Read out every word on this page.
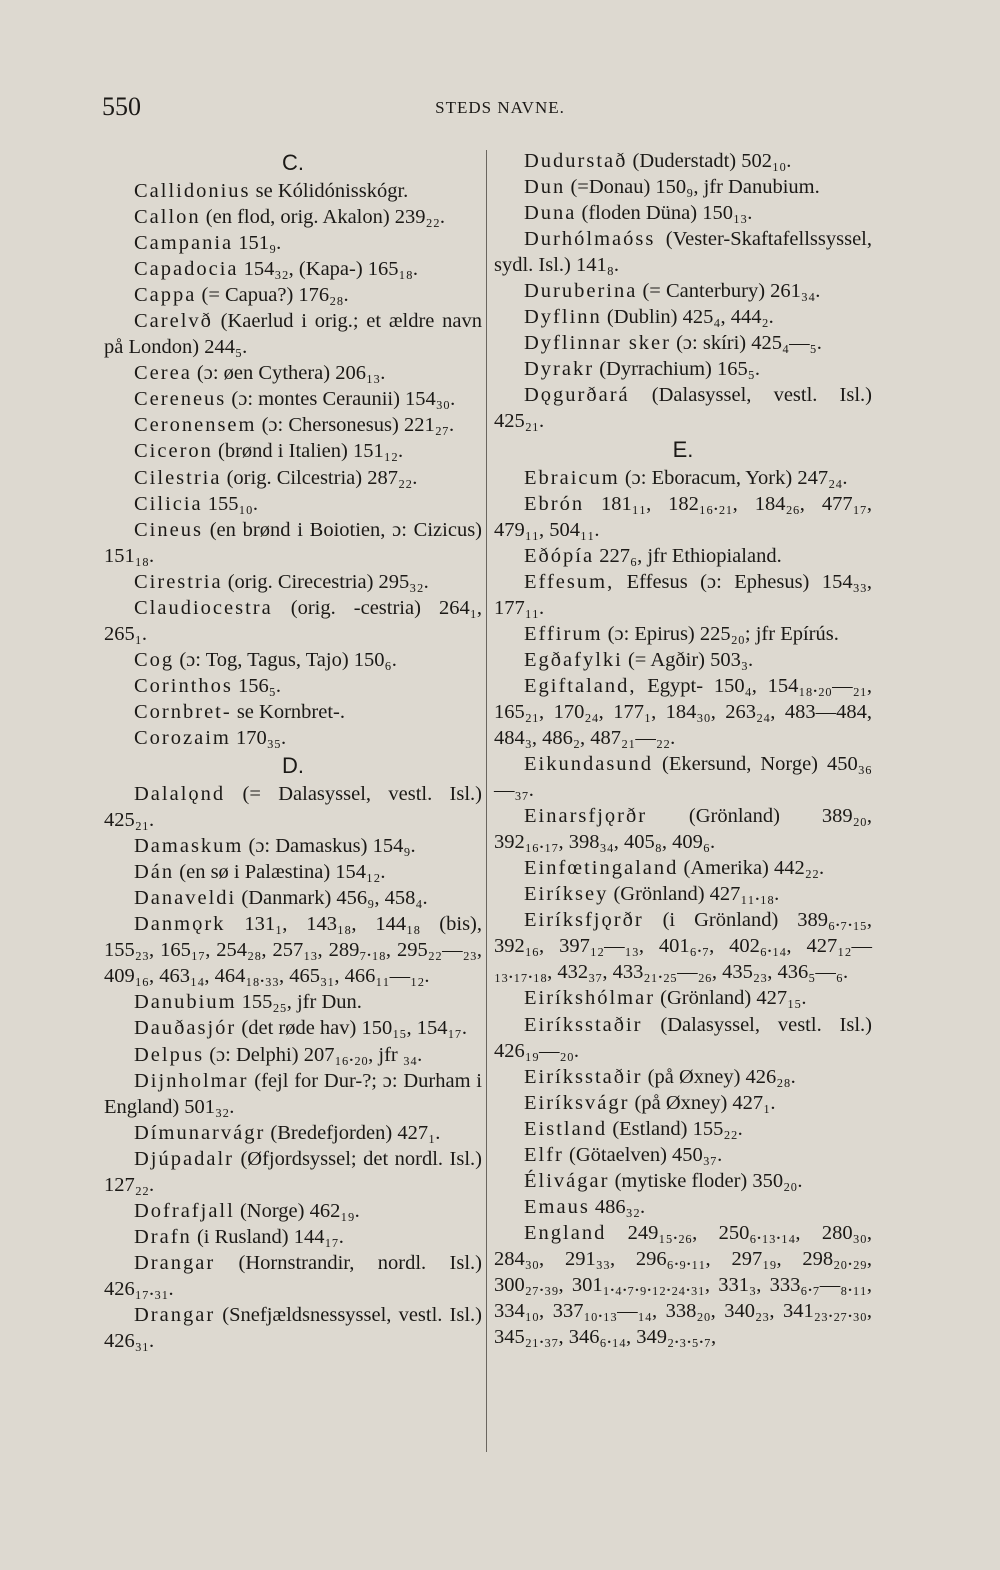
550	STEDS NAVNE.
C.
Callidonius se Kólidónisskógr.
Callon (en flod, orig. Akalon) 239₂₂.
Campania 151₉.
Capadocia 154₃₂, (Kapa-) 165₁₈.
Cappa (= Capua?) 176₂₈.
Carelvð (Kaerlud i orig.; et ældre navn på London) 244₅.
Cerea (ɔ: øen Cythera) 206₁₃.
Cereneus (ɔ: montes Ceraunii) 154₃₀.
Ceronensem (ɔ: Chersonesus) 221₂₇.
Ciceron (brønd i Italien) 151₁₂.
Cilestria (orig. Cilcestria) 287₂₂.
Cilicia 155₁₀.
Cineus (en brønd i Boiotien, ɔ: Cizicus) 151₁₈.
Cirestria (orig. Cirecestria) 295₃₂.
Claudiocestra (orig. -cestria) 264₁, 265₁.
Cog (ɔ: Tog, Tagus, Tajo) 150₆.
Corinthos 156₅.
Cornbret- se Kornbret-.
Corozaim 170₃₅.
D.
Dalalǫnd (= Dalasyssel, vestl. Isl.) 425₂₁.
Damaskum (ɔ: Damaskus) 154₉.
Dán (en sø i Palæstina) 154₁₂.
Danaveldi (Danmark) 456₉, 458₄.
Danmǫrk 131₁, 143₁₈, 144₁₈ (bis), 155₂₃, 165₁₇, 254₂₈, 257₁₃, 289₇.₁₈, 295₂₂—₂₃, 409₁₆, 463₁₄, 464₁₈.₃₃, 465₃₁, 466₁₁—₁₂.
Danubium 155₂₅, jfr Dun.
Dauðasjór (det røde hav) 150₁₅, 154₁₇.
Delpus (ɔ: Delphi) 207₁₆.₂₀, jfr ₃₄.
Dijnholmar (fejl for Dur-?; ɔ: Durham i England) 501₃₂.
Dímunarvágr (Bredefjorden) 427₁.
Djúpadalr (Øfjordsyssel; det nordl. Isl.) 127₂₂.
Dofrafjall (Norge) 462₁₉.
Drafn (i Rusland) 144₁₇.
Drangar (Hornstrandir, nordl. Isl.) 426₁₇.₃₁.
Drangar (Snefjældsnessyssel, vestl. Isl.) 426₃₁.
Dudurstað (Duderstadt) 502₁₀.
Dun (=Donau) 150₉, jfr Danubium.
Duna (floden Düna) 150₁₃.
Durhólmaóss (Vester-Skaftafellssyssel, sydl. Isl.) 141₈.
Duruberina (= Canterbury) 261₃₄.
Dyflinn (Dublin) 425₄, 444₂.
Dyflinnar sker (ɔ: skíri) 425₄—₅.
Dyrakr (Dyrrachium) 165₅.
Dǫgurðará (Dalasyssel, vestl. Isl.) 425₂₁.
E.
Ebraicum (ɔ: Eboracum, York) 247₂₄.
Ebrón 181₁₁, 182₁₆.₂₁, 184₂₆, 477₁₇, 479₁₁, 504₁₁.
Eðópía 227₆, jfr Ethiopialand.
Effesum, Effesus (ɔ: Ephesus) 154₃₃, 177₁₁.
Effirum (ɔ: Epirus) 225₂₀; jfr Epírús.
Egðafylki (= Agðir) 503₃.
Egiftaland, Egypt- 150₄, 154₁₈.₂₀—₂₁, 165₂₁, 170₂₄, 177₁, 184₃₀, 263₂₄, 483—484, 484₃, 486₂, 487₂₁—₂₂.
Eikundasund (Ekersund, Norge) 450₃₆—₃₇.
Einarsfjǫrðr (Grönland) 389₂₀, 392₁₆.₁₇, 398₃₄, 405₈, 409₆.
Einfœtingaland (Amerika) 442₂₂.
Eiríksey (Grönland) 427₁₁.₁₈.
Eiríksfjǫrðr (i Grönland) 389₆.₇.₁₅, 392₁₆, 397₁₂—₁₃, 401₆.₇, 402₆.₁₄, 427₁₂—₁₃.₁₇.₁₈, 432₃₇, 433₂₁.₂₅—₂₆, 435₂₃, 436₅—₆.
Eiríkshólmar (Grönland) 427₁₅.
Eiríksstaðir (Dalasyssel, vestl. Isl.) 426₁₉—₂₀.
Eiríksstaðir (på Øxney) 426₂₈.
Eiríksvágr (på Øxney) 427₁.
Eistland (Estland) 155₂₂.
Elfr (Götaelven) 450₃₇.
Élivágar (mytiske floder) 350₂₀.
Emaus 486₃₂.
England 249₁₅.₂₆, 250₆.₁₃.₁₄, 280₃₀, 284₃₀, 291₃₃, 296₆.₉.₁₁, 297₁₉, 298₂₀.₂₉, 300₂₇.₃₉, 301₁.₄.₇.₉.₁₂.₂₄.₃₁, 331₃, 333₆.₇—₈.₁₁, 334₁₀, 337₁₀.₁₃—₁₄, 338₂₀, 340₂₃, 341₂₃.₂₇.₃₀, 345₂₁.₃₇, 346₆.₁₄, 349₂.₃.₅.₇,
